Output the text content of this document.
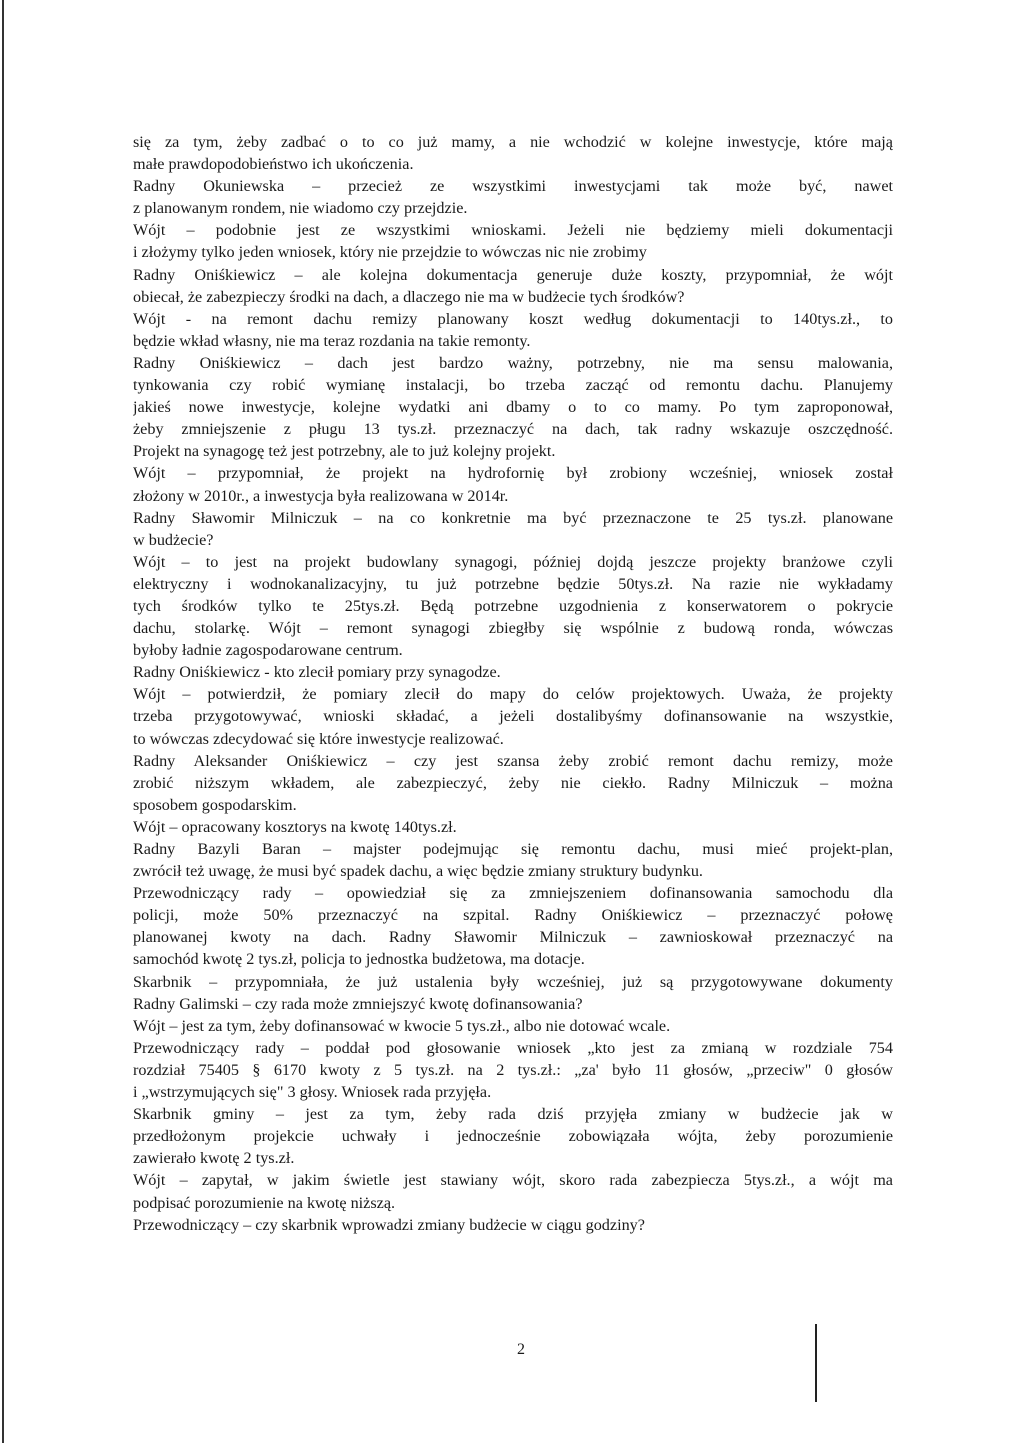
się za tym, żeby zadbać o to co już mamy, a nie wchodzić w kolejne inwestycje, które mają
małe prawdopodobieństwo ich ukończenia.
Radny Okuniewska – przecież ze wszystkimi inwestycjami tak może być, nawet
z planowanym rondem, nie wiadomo czy przejdzie.
Wójt – podobnie jest ze wszystkimi wnioskami. Jeżeli nie będziemy mieli dokumentacji
i złożymy tylko jeden wniosek, który nie przejdzie to wówczas nic nie zrobimy
Radny Oniśkiewicz – ale kolejna dokumentacja generuje duże koszty, przypomniał, że wójt
obiecał, że zabezpieczy środki na dach, a dlaczego nie ma w budżecie tych środków?
Wójt - na remont dachu remizy planowany koszt według dokumentacji to 140tys.zł., to
będzie wkład własny, nie ma teraz rozdania na takie remonty.
Radny Oniśkiewicz – dach jest bardzo ważny, potrzebny, nie ma sensu malowania,
tynkowania czy robić wymianę instalacji, bo trzeba zacząć od remontu dachu. Planujemy
jakieś nowe inwestycje, kolejne wydatki ani dbamy o to co mamy. Po tym zaproponował,
żeby zmniejszenie z pługu 13 tys.zł. przeznaczyć na dach, tak radny wskazuje oszczędność.
Projekt na synagogę też jest potrzebny, ale to już kolejny projekt.
Wójt – przypomniał, że projekt na hydrofornię był zrobiony wcześniej, wniosek został
złożony w 2010r., a inwestycja była realizowana w 2014r.
Radny Sławomir Milniczuk – na co konkretnie ma być przeznaczone te 25 tys.zł. planowane
w budżecie?
Wójt – to jest na projekt budowlany synagogi, później dojdą jeszcze projekty branżowe czyli
elektryczny i wodnokanalizacyjny, tu już potrzebne będzie 50tys.zł. Na razie nie wykładamy
tych środków tylko te 25tys.zł. Będą potrzebne uzgodnienia z konserwatorem o pokrycie
dachu, stolarkę. Wójt – remont synagogi zbiegłby się wspólnie z budową ronda, wówczas
byłoby ładnie zagospodarowane centrum.
Radny Oniśkiewicz - kto zlecił pomiary przy synagodze.
Wójt – potwierdził, że pomiary zlecił do mapy do celów projektowych. Uważa, że projekty
trzeba przygotowywać, wnioski składać, a jeżeli dostalibyśmy dofinansowanie na wszystkie,
to wówczas zdecydować się które inwestycje realizować.
Radny Aleksander Oniśkiewicz – czy jest szansa żeby zrobić remont dachu remizy, może
zrobić niższym wkładem, ale zabezpieczyć, żeby nie ciekło. Radny Milniczuk – można
sposobem gospodarskim.
Wójt – opracowany kosztorys na kwotę 140tys.zł.
Radny Bazyli Baran – majster podejmując się remontu dachu, musi mieć projekt-plan,
zwrócił też uwagę, że musi być spadek dachu, a więc będzie zmiany struktury budynku.
Przewodniczący rady – opowiedział się za zmniejszeniem dofinansowania samochodu dla
policji, może 50% przeznaczyć na szpital. Radny Oniśkiewicz – przeznaczyć połowę
planowanej kwoty na dach. Radny Sławomir Milniczuk – zawnioskował przeznaczyć na
samochód kwotę 2 tys.zł, policja to jednostka budżetowa, ma dotacje.
Skarbnik – przypomniała, że już ustalenia były wcześniej, już są przygotowywane dokumenty
Radny Galimski – czy rada może zmniejszyć kwotę dofinansowania?
Wójt – jest za tym, żeby dofinansować w kwocie 5 tys.zł., albo nie dotować wcale.
Przewodniczący rady – poddał pod głosowanie wniosek „kto jest za zmianą w rozdziale 754
rozdział 75405 § 6170 kwoty z 5 tys.zł. na 2 tys.zł.: „za' było 11 głosów, „przeciw" 0 głosów
i „wstrzymujących się" 3 głosy. Wniosek rada przyjęła.
Skarbnik gminy – jest za tym, żeby rada dziś przyjęła zmiany w budżecie jak w
przedłożonym projekcie uchwały i jednocześnie zobowiązała wójta, żeby porozumienie
zawierało kwotę 2 tys.zł.
Wójt – zapytał, w jakim świetle jest stawiany wójt, skoro rada zabezpiecza 5tys.zł., a wójt ma
podpisać porozumienie na kwotę niższą.
Przewodniczący – czy skarbnik wprowadzi zmiany budżecie w ciągu godziny?
2
